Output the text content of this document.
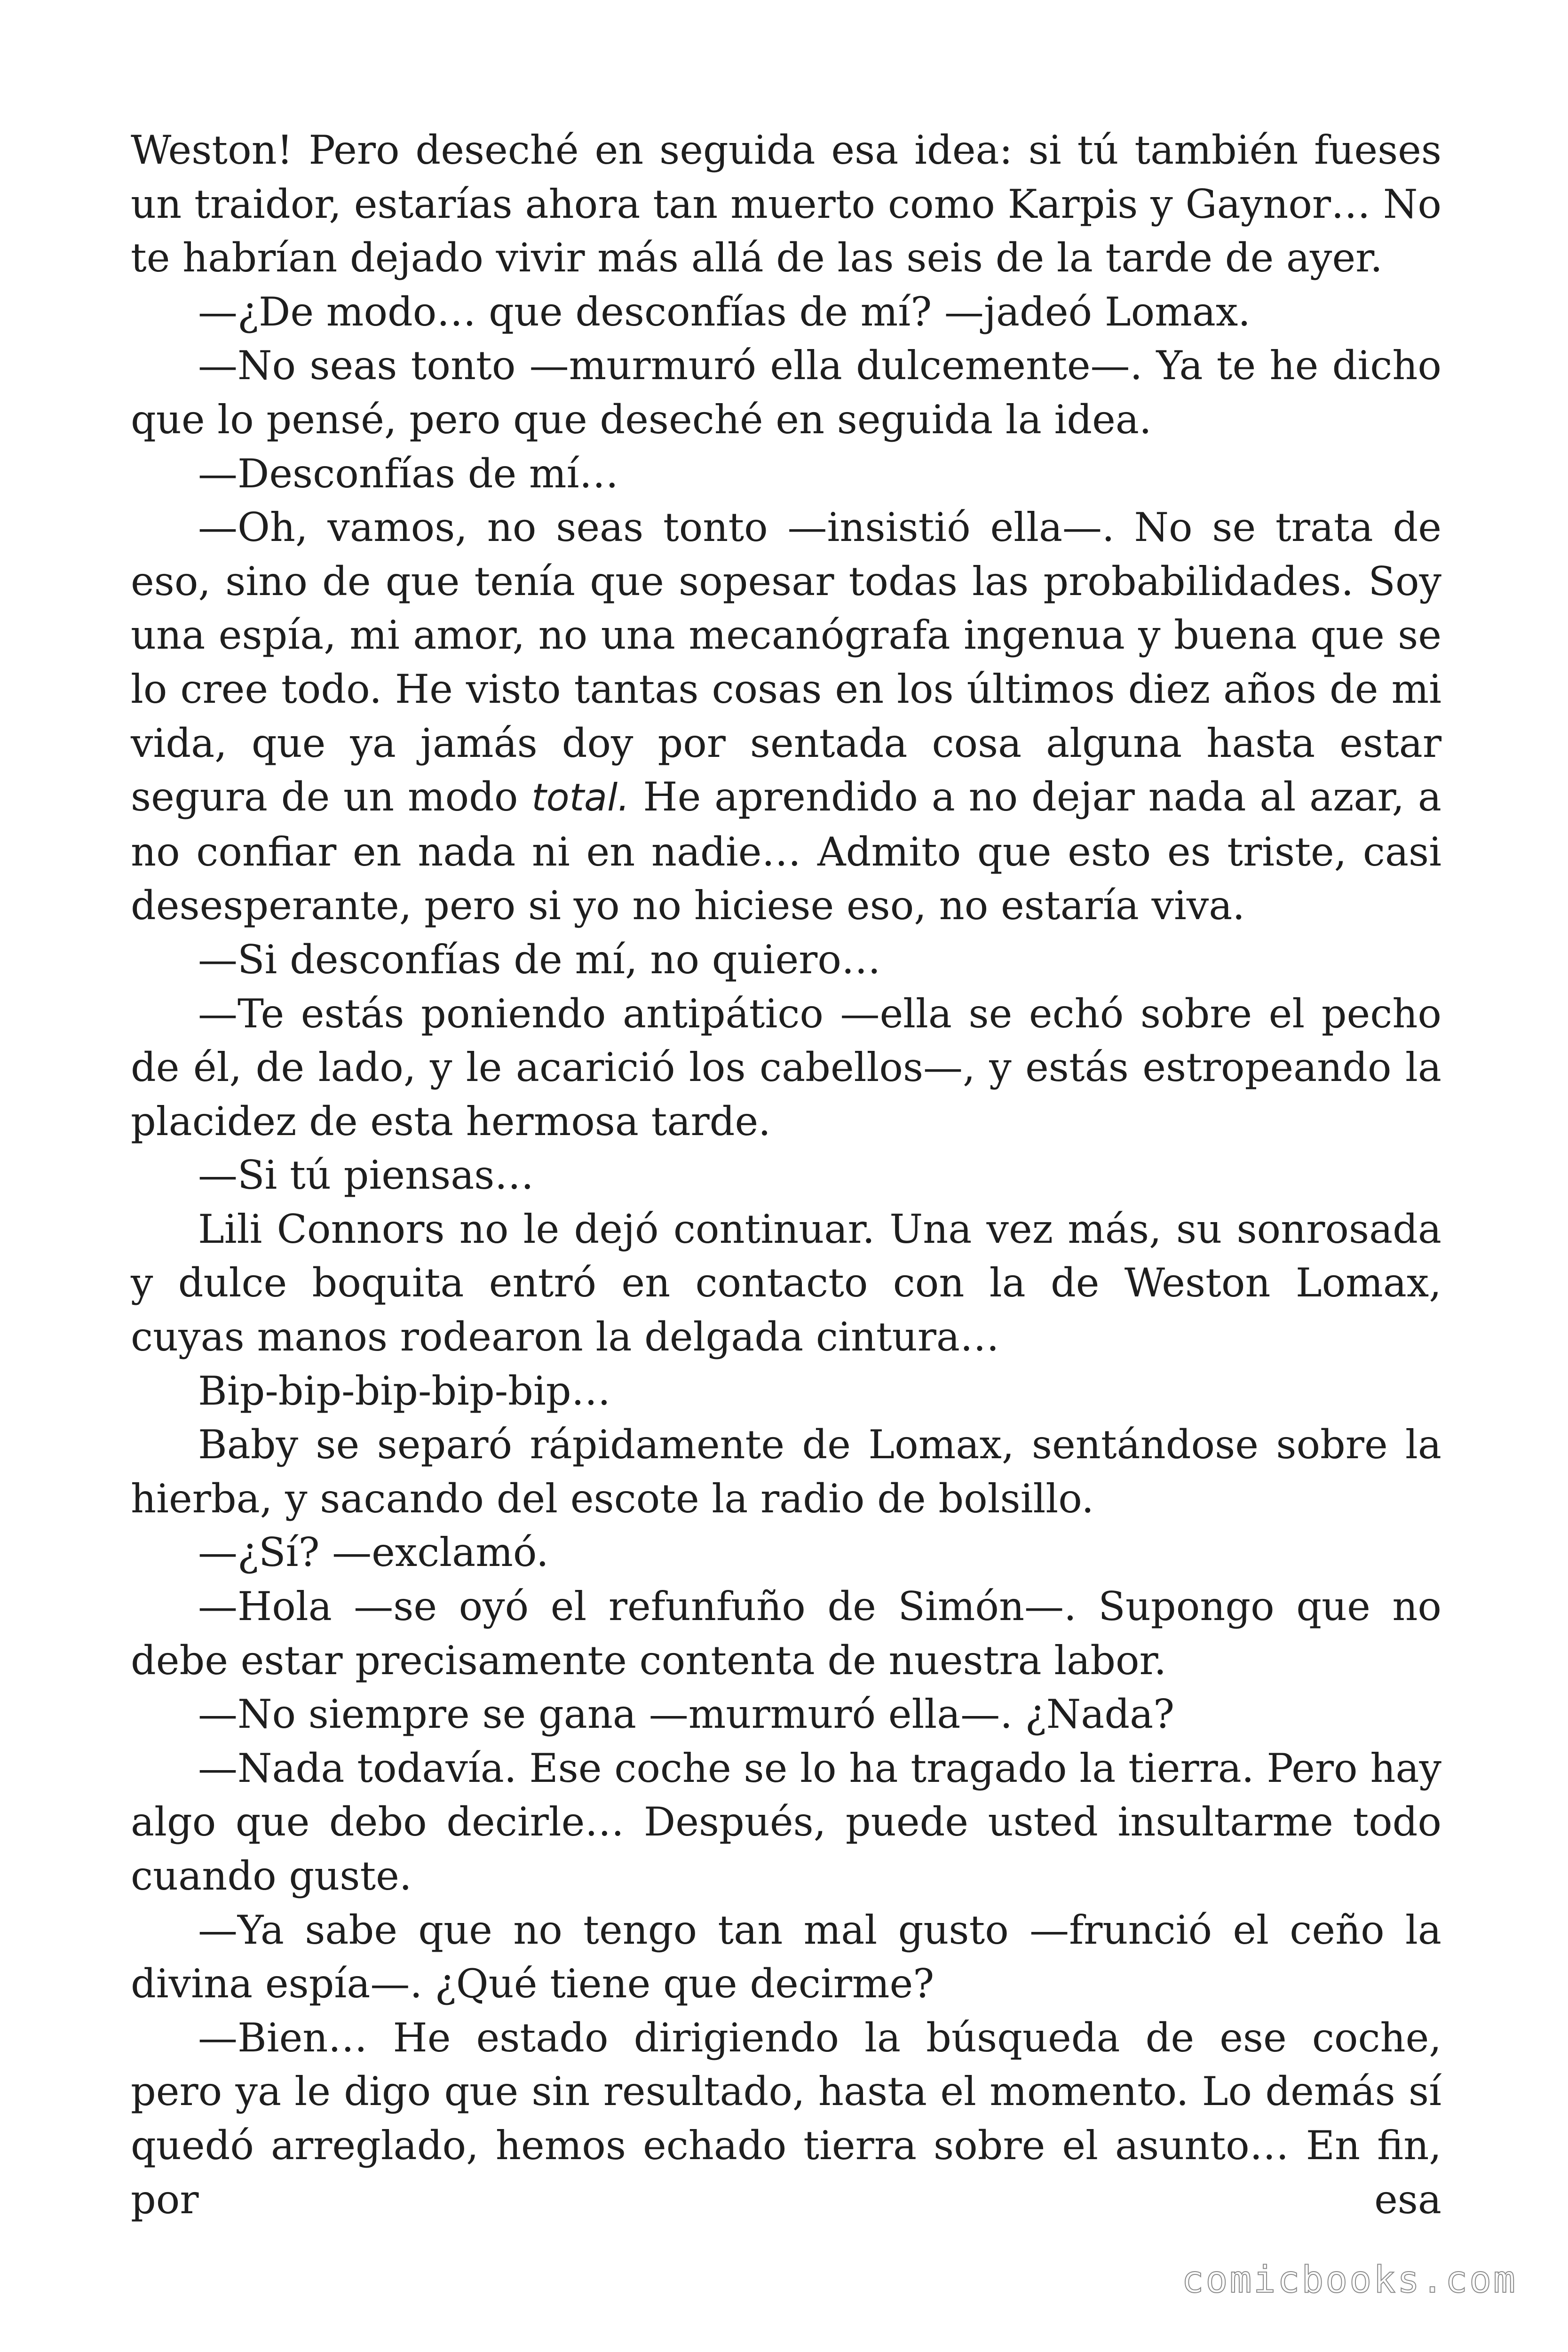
Weston! Pero deseché en seguida esa idea: si tú también fueses un traidor, estarías ahora tan muerto como Karpis y Gaynor… No te habrían dejado vivir más allá de las seis de la tarde de ayer.

—¿De modo… que desconfías de mí? —jadeó Lomax.

—No seas tonto —murmuró ella dulcemente—. Ya te he dicho que lo pensé, pero que deseché en seguida la idea.

—Desconfías de mí…

—Oh, vamos, no seas tonto —insistió ella—. No se trata de eso, sino de que tenía que sopesar todas las probabilidades. Soy una espía, mi amor, no una mecanógrafa ingenua y buena que se lo cree todo. He visto tantas cosas en los últimos diez años de mi vida, que ya jamás doy por sentada cosa alguna hasta estar segura de un modo total. He aprendido a no dejar nada al azar, a no confiar en nada ni en nadie… Admito que esto es triste, casi desesperante, pero si yo no hiciese eso, no estaría viva.

—Si desconfías de mí, no quiero…

—Te estás poniendo antipático —ella se echó sobre el pecho de él, de lado, y le acarició los cabellos—, y estás estropeando la placidez de esta hermosa tarde.

—Si tú piensas…

Lili Connors no le dejó continuar. Una vez más, su sonrosada y dulce boquita entró en contacto con la de Weston Lomax, cuyas manos rodearon la delgada cintura…

Bip-bip-bip-bip-bip…

Baby se separó rápidamente de Lomax, sentándose sobre la hierba, y sacando del escote la radio de bolsillo.

—¿Sí? —exclamó.

—Hola —se oyó el refunfuño de Simón—. Supongo que no debe estar precisamente contenta de nuestra labor.

—No siempre se gana —murmuró ella—. ¿Nada?

—Nada todavía. Ese coche se lo ha tragado la tierra. Pero hay algo que debo decirle… Después, puede usted insultarme todo cuando guste.

—Ya sabe que no tengo tan mal gusto —frunció el ceño la divina espía—. ¿Qué tiene que decirme?

—Bien… He estado dirigiendo la búsqueda de ese coche, pero ya le digo que sin resultado, hasta el momento. Lo demás sí quedó arreglado, hemos echado tierra sobre el asunto… En fin, por esa

comicbooks.com
